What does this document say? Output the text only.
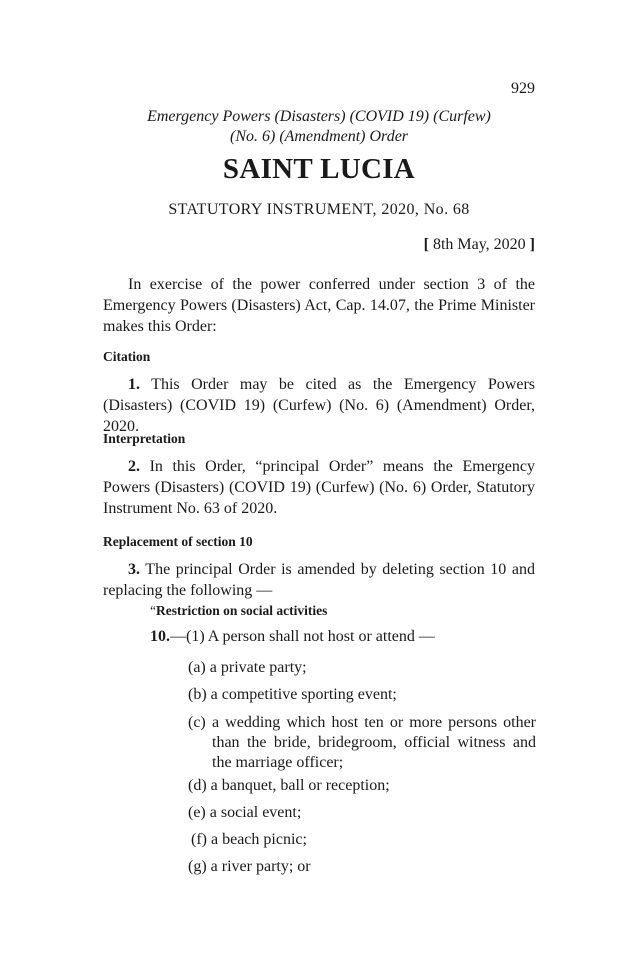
929
Emergency Powers (Disasters) (COVID 19) (Curfew)
(No. 6) (Amendment) Order
SAINT LUCIA
STATUTORY INSTRUMENT, 2020, No. 68
[ 8th May, 2020 ]

In exercise of the power conferred under section 3 of the Emergency Powers (Disasters) Act, Cap. 14.07, the Prime Minister makes this Order:

Citation

1. This Order may be cited as the Emergency Powers (Disasters) (COVID 19) (Curfew) (No. 6) (Amendment) Order, 2020.

Interpretation

2. In this Order, “principal Order” means the Emergency Powers (Disasters) (COVID 19) (Curfew) (No. 6) Order, Statutory Instrument No. 63 of 2020.

Replacement of section 10

3. The principal Order is amended by deleting section 10 and replacing the following —

“Restriction on social activities
10.—(1) A person shall not host or attend —
(a) a private party;
(b) a competitive sporting event;
(c) a wedding which host ten or more persons other than the bride, bridegroom, official witness and the marriage officer;
(d) a banquet, ball or reception;
(e) a social event;
(f) a beach picnic;
(g) a river party; or
